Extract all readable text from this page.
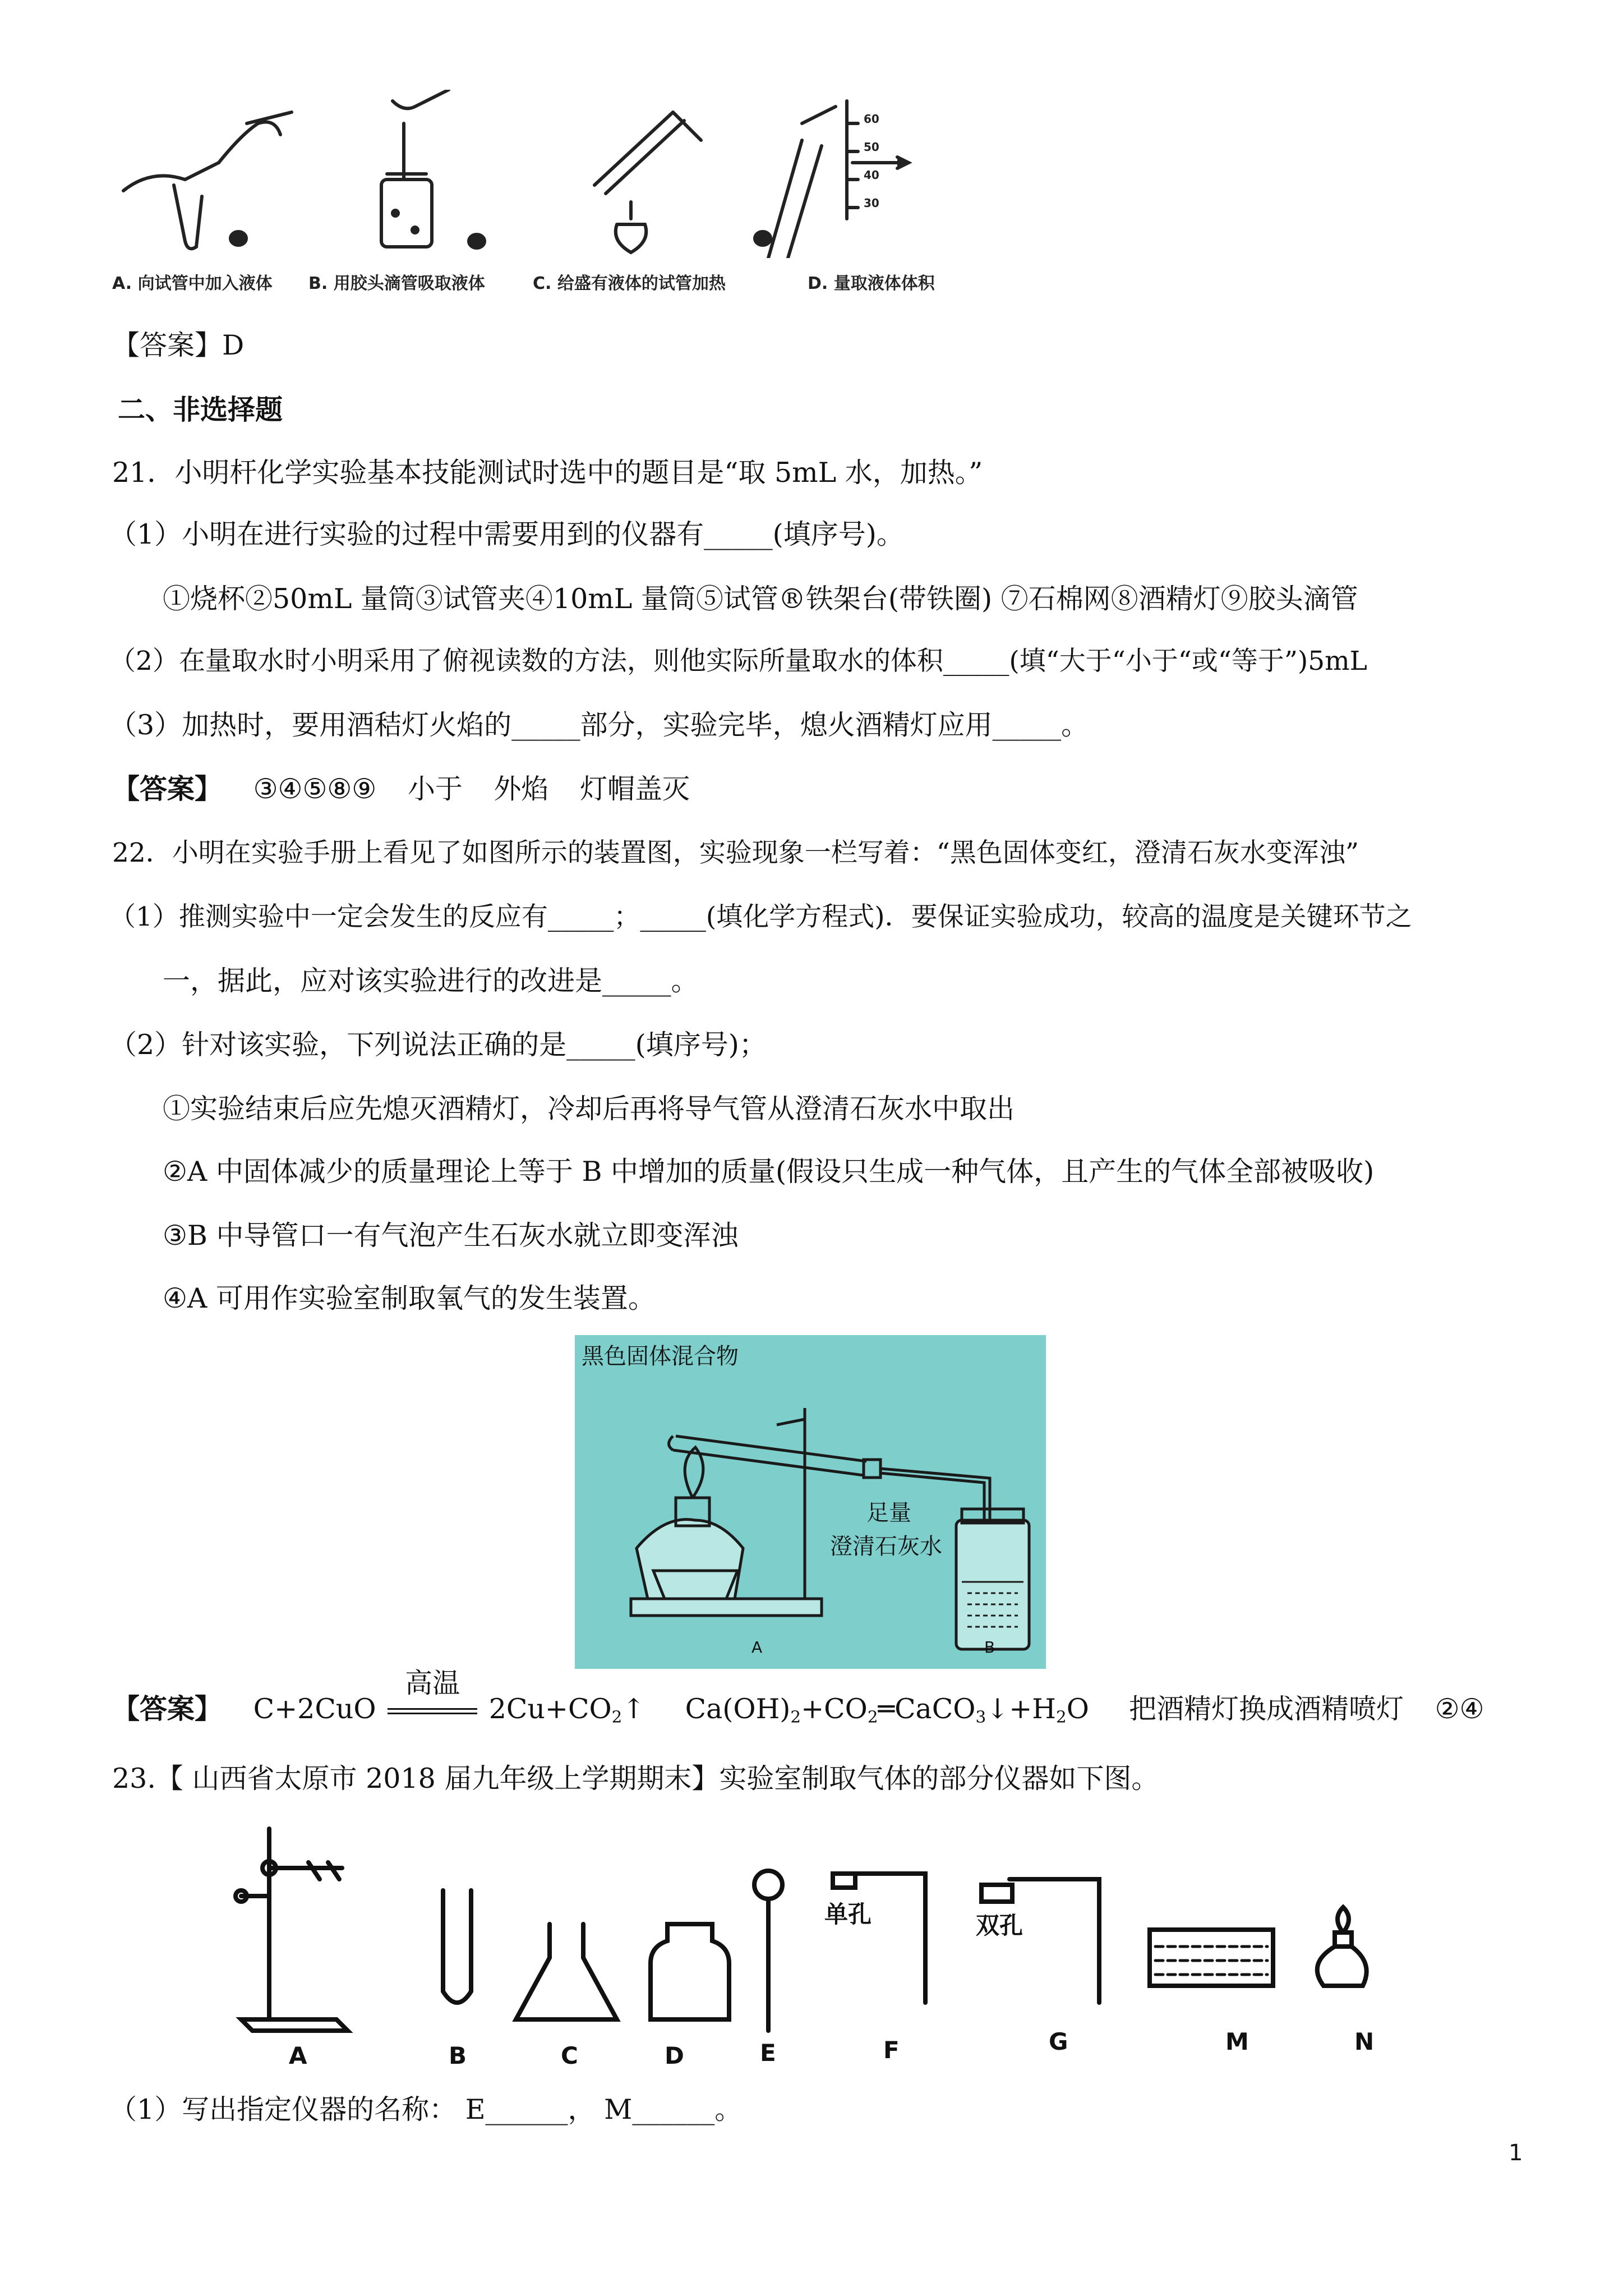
60
50
40
30
A. 向试管中加入液体 B. 用胶头滴管吸取液体	C. 给盛有液体的试管加热	D. 量取液体体积
【答案】D
二、非选择题
21．小明杆化学实验基本技能测试时选中的题目是“取 5mL 水，加热。”
（1）小明在进行实验的过程中需要用到的仪器有_____(填序号)。
①烧杯②50mL 量筒③试管夹④10mL 量筒⑤试管®铁架台(带铁圈) ⑦石棉网⑧酒精灯⑨胶头滴管
（2）在量取水时小明采用了俯视读数的方法，则他实际所量取水的体积_____(填“大于“小于“或“等于”)5mL
（3）加热时，要用酒秸灯火焰的_____部分，实验完毕，熄火酒精灯应用_____。
【答案】 ③④⑤⑧⑨ 小于 外焰 灯帽盖灭
22．小明在实验手册上看见了如图所示的装置图，实验现象一栏写着：“黑色固体变红，澄清石灰水变浑浊”
（1）推测实验中一定会发生的反应有_____；_____(填化学方程式)．要保证实验成功，较高的温度是关键环节之
一，据此，应对该实验进行的改进是_____。
（2）针对该实验，下列说法正确的是_____(填序号)；
①实验结束后应先熄灭酒精灯，冷却后再将导气管从澄清石灰水中取出
②A 中固体减少的质量理论上等于 B 中增加的质量(假设只生成一种气体，且产生的气体全部被吸收)
③B 中导管口一有气泡产生石灰水就立即变浑浊
④A 可用作实验室制取氧气的发生装置。
黑色固体混合物
足量
澄清石灰水
A	B
【答案】 C+2CuO
高温
$2Cu+CO_2↑$ $Ca(OH)_2+CO_2═CaCO_3↓+H_2O$ 把酒精灯换成酒精喷灯 ②④
23.【 山西省太原市 2018 届九年级上学期期末】实验室制取气体的部分仪器如下图。
单孔	双孔
A	B	C	D	E	F	G	M	N
（1）写出指定仪器的名称： E______， M______。
1
